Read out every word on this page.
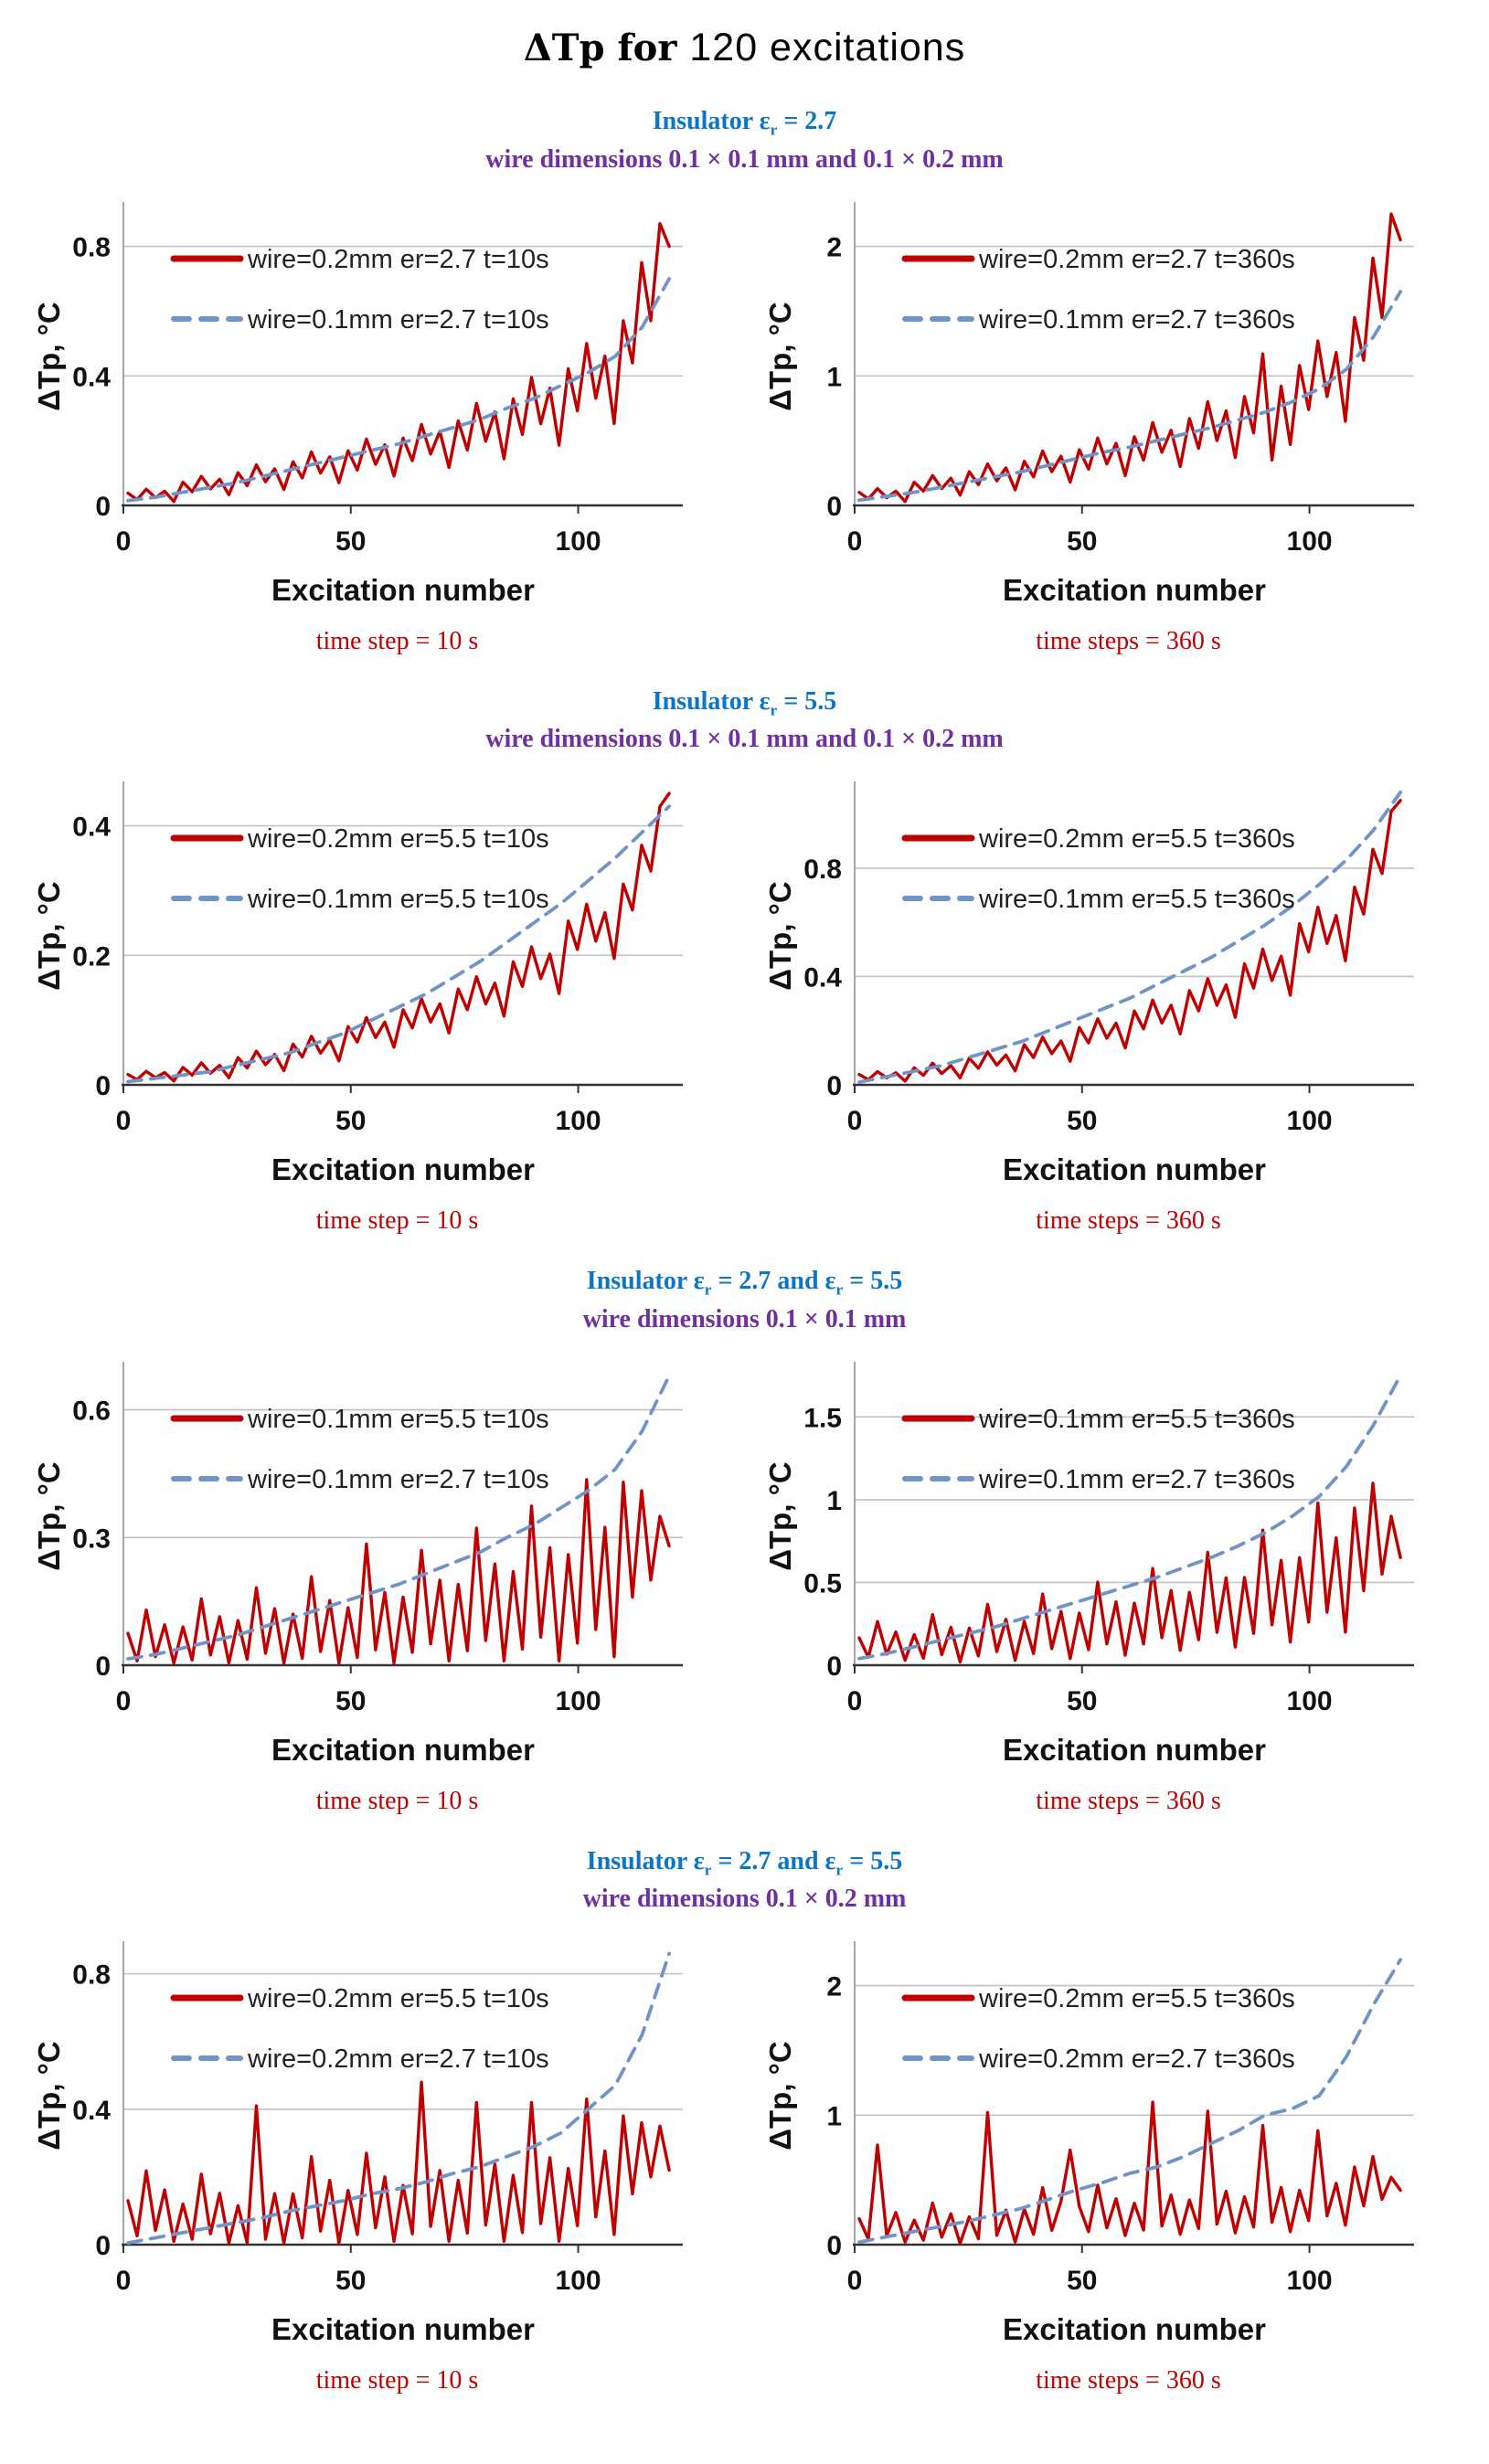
ΔTp for 120 excitations
Insulator $\varepsilon_r = 2.7$
wire dimensions 0.1 × 0.1 mm and 0.1 × 0.2 mm
0	50	100
0
0.4
0.8
Excitation number
ΔTp, °C
wire=0.2mm er=2.7 t=10s
wire=0.1mm er=2.7 t=10s
time step = 10 s
0	50	100
0
1
2
Excitation number
ΔTp, °C
wire=0.2mm er=2.7 t=360s
wire=0.1mm er=2.7 t=360s
time steps = 360 s
Insulator $\varepsilon_r = 5.5$
wire dimensions 0.1 × 0.1 mm and 0.1 × 0.2 mm
0	50	100
0
0.2
0.4
Excitation number
ΔTp, °C
wire=0.2mm er=5.5 t=10s
wire=0.1mm er=5.5 t=10s
time step = 10 s
0	50	100
0
0.4
0.8
Excitation number
ΔTp, °C
wire=0.2mm er=5.5 t=360s
wire=0.1mm er=5.5 t=360s
time steps = 360 s
Insulator $\varepsilon_r = 2.7$ and $\varepsilon_r = 5.5$
wire dimensions 0.1 × 0.1 mm
0	50	100
0
0.3
0.6
Excitation number
ΔTp, °C
wire=0.1mm er=5.5 t=10s
wire=0.1mm er=2.7 t=10s
time step = 10 s
0	50	100
0
0.5
1
1.5
Excitation number
ΔTp, °C
wire=0.1mm er=5.5 t=360s
wire=0.1mm er=2.7 t=360s
time steps = 360 s
Insulator $\varepsilon_r = 2.7$ and $\varepsilon_r = 5.5$
wire dimensions 0.1 × 0.2 mm
0	50	100
0
0.4
0.8
Excitation number
ΔTp, °C
wire=0.2mm er=5.5 t=10s
wire=0.2mm er=2.7 t=10s
time step = 10 s
0	50	100
0
1
2
Excitation number
ΔTp, °C
wire=0.2mm er=5.5 t=360s
wire=0.2mm er=2.7 t=360s
time steps = 360 s
